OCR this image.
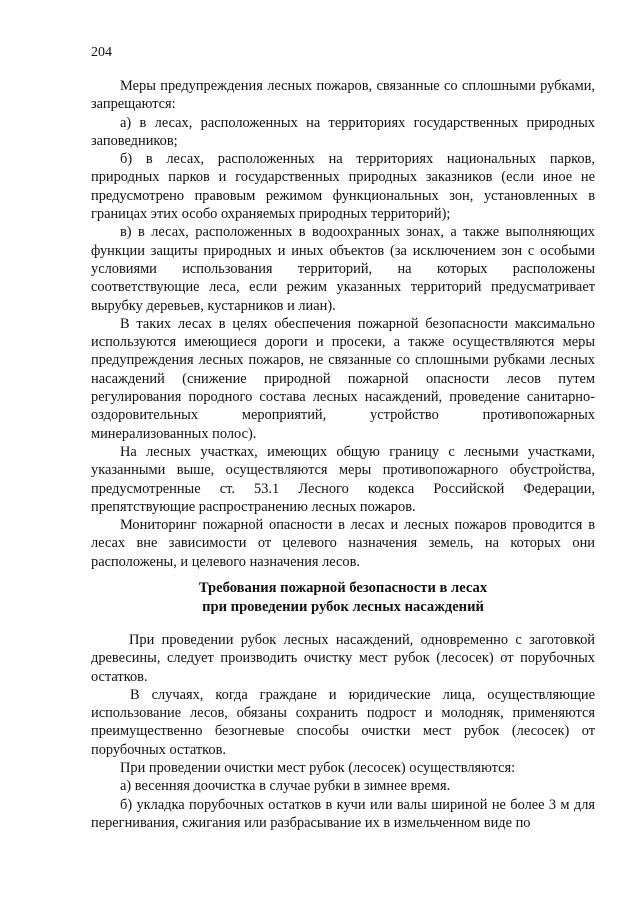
204

Меры предупреждения лесных пожаров, связанные со сплошными рубками, запрещаются:

а) в лесах, расположенных на территориях государственных природных заповедников;

б) в лесах, расположенных на территориях национальных парков, природных парков и государственных природных заказников (если иное не предусмотрено правовым режимом функциональных зон, установленных в границах этих особо охраняемых природных территорий);

в) в лесах, расположенных в водоохранных зонах, а также выполняющих функции защиты природных и иных объектов (за исключением зон с особыми условиями использования территорий, на которых расположены соответствующие леса, если режим указанных территорий предусматривает вырубку деревьев, кустарников и лиан).

В таких лесах в целях обеспечения пожарной безопасности максимально используются имеющиеся дороги и просеки, а также осуществляются меры предупреждения лесных пожаров, не связанные со сплошными рубками лесных насаждений (снижение природной пожарной опасности лесов путем регулирования породного состава лесных насаждений, проведение санитарно-оздоровительных мероприятий, устройство противопожарных минерализованных полос).

На лесных участках, имеющих общую границу с лесными участками, указанными выше, осуществляются меры противопожарного обустройства, предусмотренные ст. 53.1 Лесного кодекса Российской Федерации, препятствующие распространению лесных пожаров.

Мониторинг пожарной опасности в лесах и лесных пожаров проводится в лесах вне зависимости от целевого назначения земель, на которых они расположены, и целевого назначения лесов.

Требования пожарной безопасности в лесах
при проведении рубок лесных насаждений

При проведении рубок лесных насаждений, одновременно с заготовкой древесины, следует производить очистку мест рубок (лесосек) от порубочных остатков.

В случаях, когда граждане и юридические лица, осуществляющие использование лесов, обязаны сохранить подрост и молодняк, применяются преимущественно безогневые способы очистки мест рубок (лесосек) от порубочных остатков.

При проведении очистки мест рубок (лесосек) осуществляются:

а) весенняя доочистка в случае рубки в зимнее время.

б) укладка порубочных остатков в кучи или валы шириной не более 3 м для перегнивания, сжигания или разбрасывание их в измельченном виде по
